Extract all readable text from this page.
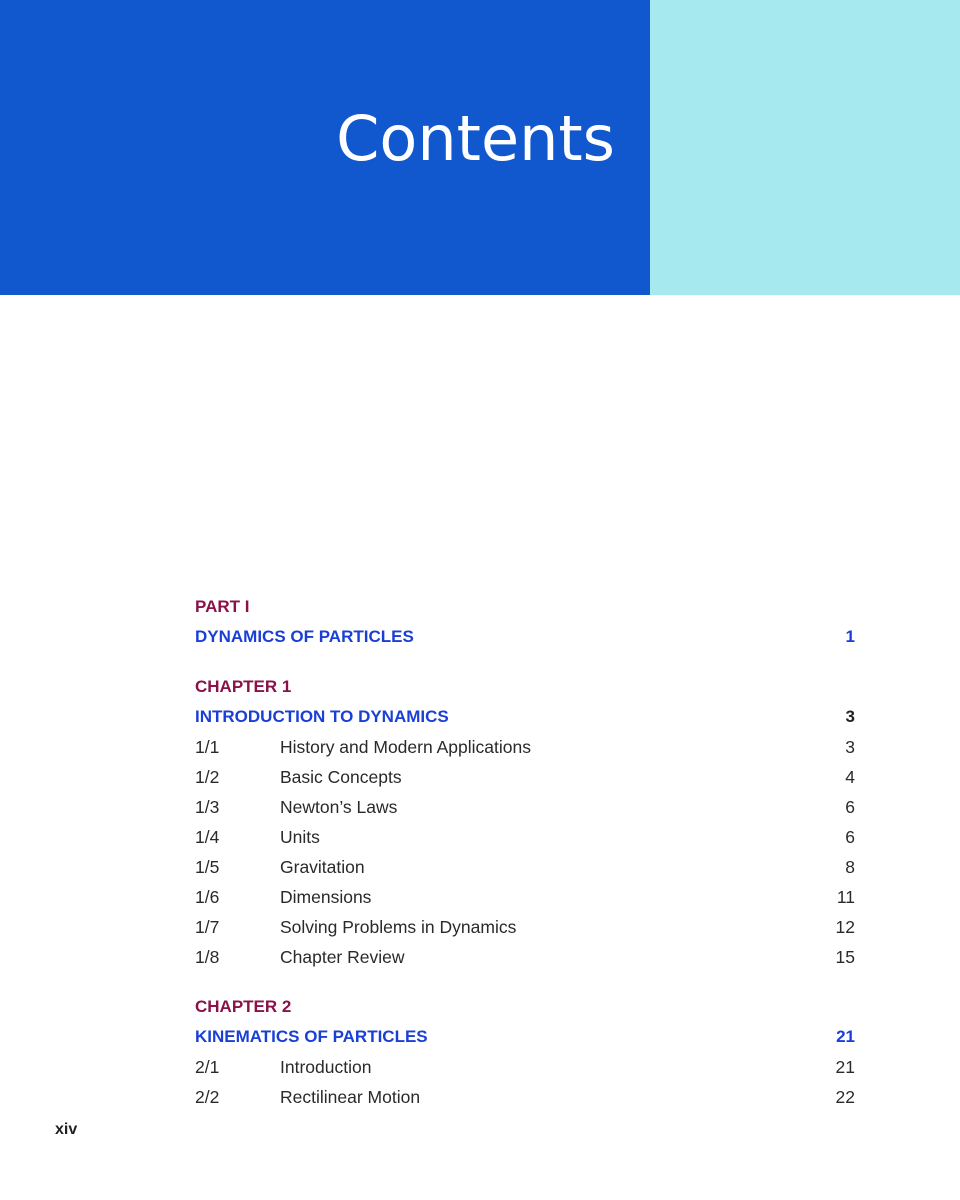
Contents
PART I
DYNAMICS OF PARTICLES	1
CHAPTER 1
INTRODUCTION TO DYNAMICS	3
1/1	History and Modern Applications	3
1/2	Basic Concepts	4
1/3	Newton’s Laws	6
1/4	Units	6
1/5	Gravitation	8
1/6	Dimensions	11
1/7	Solving Problems in Dynamics	12
1/8	Chapter Review	15
CHAPTER 2
KINEMATICS OF PARTICLES	21
2/1	Introduction	21
2/2	Rectilinear Motion	22
xiv
